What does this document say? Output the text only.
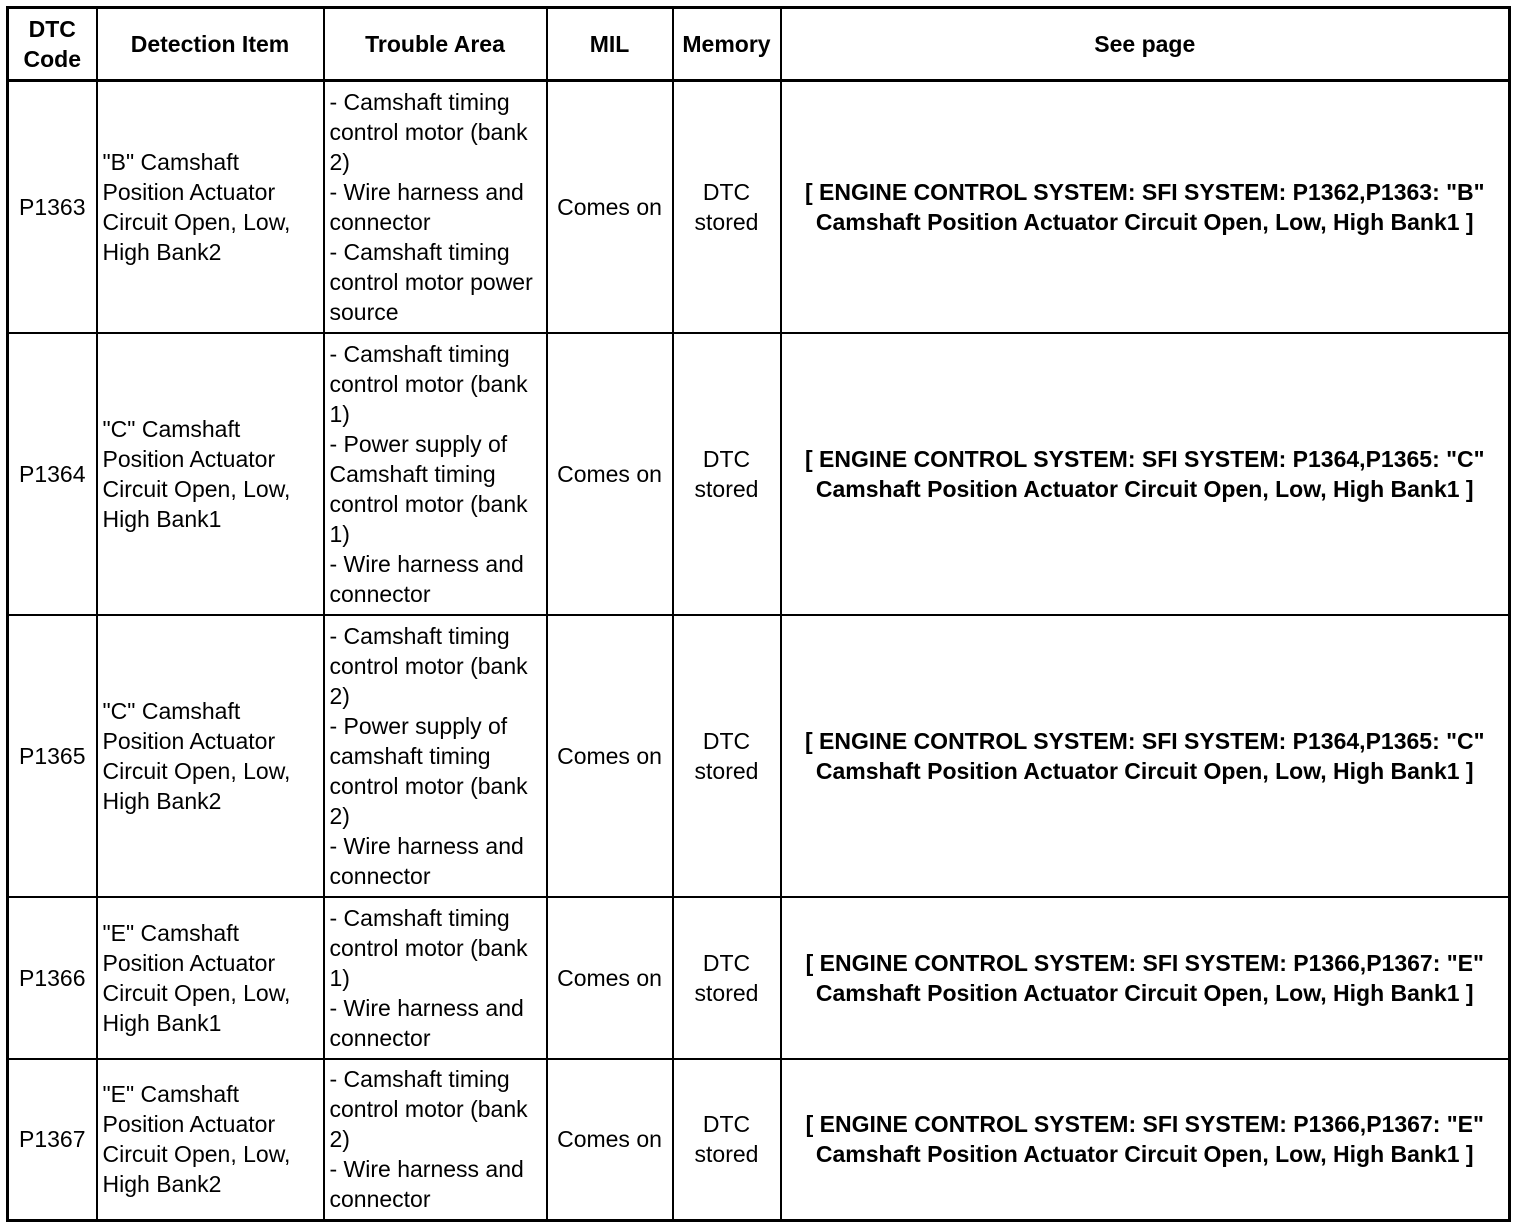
DTC
Code	Detection Item	Trouble Area	MIL	Memory	See page
P1363	"B" Camshaft Position Actuator Circuit Open, Low, High Bank2	- Camshaft timing control motor (bank 2)
- Wire harness and connector
- Camshaft timing control motor power source	Comes on	DTC
stored	[ ENGINE CONTROL SYSTEM: SFI SYSTEM: P1362,P1363: "B" Camshaft Position Actuator Circuit Open, Low, High Bank1 ]
P1364	"C" Camshaft Position Actuator Circuit Open, Low, High Bank1	- Camshaft timing control motor (bank 1)
- Power supply of Camshaft timing control motor (bank 1)
- Wire harness and connector	Comes on	DTC
stored	[ ENGINE CONTROL SYSTEM: SFI SYSTEM: P1364,P1365: "C" Camshaft Position Actuator Circuit Open, Low, High Bank1 ]
P1365	"C" Camshaft Position Actuator Circuit Open, Low, High Bank2	- Camshaft timing control motor (bank 2)
- Power supply of camshaft timing control motor (bank 2)
- Wire harness and connector	Comes on	DTC
stored	[ ENGINE CONTROL SYSTEM: SFI SYSTEM: P1364,P1365: "C" Camshaft Position Actuator Circuit Open, Low, High Bank1 ]
P1366	"E" Camshaft Position Actuator Circuit Open, Low, High Bank1	- Camshaft timing control motor (bank 1)
- Wire harness and connector	Comes on	DTC
stored	[ ENGINE CONTROL SYSTEM: SFI SYSTEM: P1366,P1367: "E" Camshaft Position Actuator Circuit Open, Low, High Bank1 ]
P1367	"E" Camshaft Position Actuator Circuit Open, Low, High Bank2	- Camshaft timing control motor (bank 2)
- Wire harness and connector	Comes on	DTC
stored	[ ENGINE CONTROL SYSTEM: SFI SYSTEM: P1366,P1367: "E" Camshaft Position Actuator Circuit Open, Low, High Bank1 ]
